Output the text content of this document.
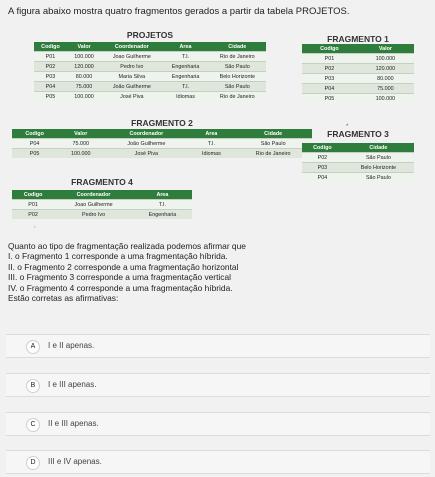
A figura abaixo mostra quatro fragmentos gerados a partir da tabela PROJETOS.
PROJETOS
Codigo	Valor	Coordenador	Area	Cidade
P01	100.000	Joao Guilherme	T.I.	Rio de Janeiro
P02	120.000	Pedro Ivo	Engenharia	São Paulo
P03	80.000	Maria Silva	Engenharia	Belo Horizonte
P04	75.000	João Guilherme	T.I.	São Paulo
P05	100.000	José Piva	Idiomas	Rio de Janeiro
FRAGMENTO 1
Codigo	Valor
P01	100.000
P02	120.000
P03	80.000
P04	75.000
P05	100.000
FRAGMENTO 2
Codigo	Valor	Coordenador	Area	Cidade
P04	75.000	João Guilherme	T.I.	São Paulo
P05	100.000	José Piva	Idiomas	Rio de Janeiro
*
FRAGMENTO 3
Codigo	Cidade
P02	São Paulo
P03	Belo Horizonte
P04	São Paulo
FRAGMENTO 4
Codigo	Coordenador	Area
P01	Joao Guilherme	T.I.
P02	Pedro Ivo	Engenharia
,
Quanto ao tipo de fragmentação realizada podemos afirmar que
I. o Fragmento 1 corresponde a uma fragmentação híbrida.
II. o Fragmento 2 corresponde a uma fragmentação horizontal
III. o Fragmento 3 corresponde a uma fragmentação vertical
IV. o Fragmento 4 corresponde a uma fragmentação híbrida.
Estão corretas as afirmativas:
A	I e II apenas.
B	I e III apenas.
C	II e III apenas.
D	III e IV apenas.
